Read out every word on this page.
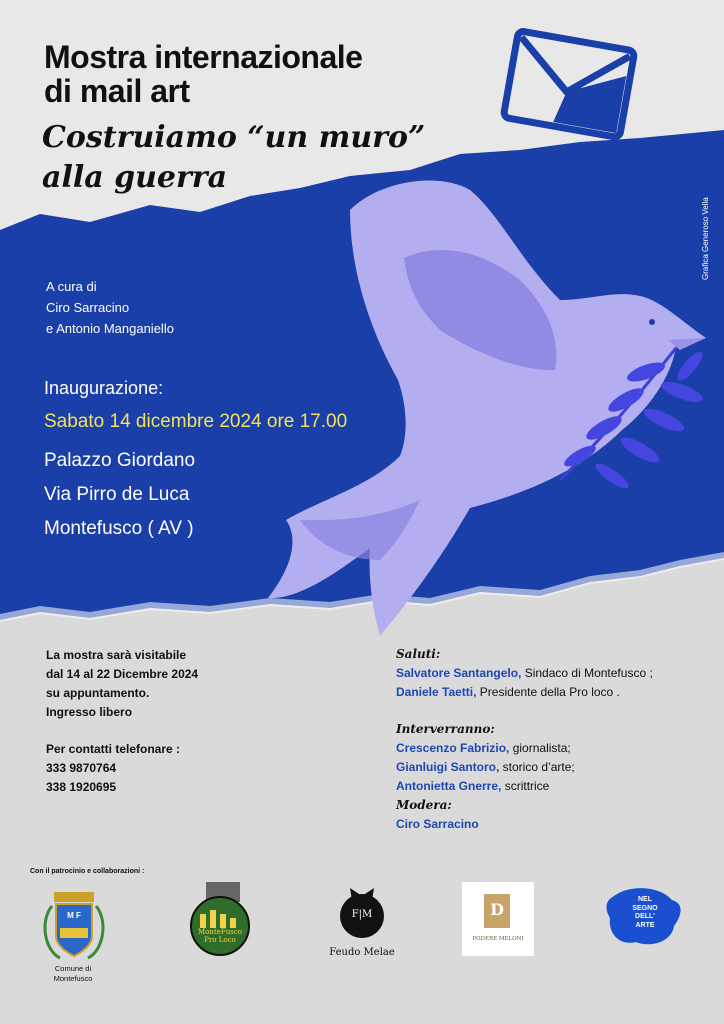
Mostra internazionale
di mail art
Costruiamo “un muro”
alla guerra
Grafica Generoso Vella
A cura di
Ciro Sarracino
e Antonio Manganiello
Inaugurazione:
Sabato 14 dicembre 2024 ore 17.00
Palazzo Giordano
Via Pirro de Luca
Montefusco ( AV )
La mostra sarà visitabile
dal 14 al 22 Dicembre 2024
su appuntamento.
Ingresso libero
Per contatti telefonare :
333 9870764
338 1920695
Saluti:
Salvatore Santangelo, Sindaco di Montefusco ;
Daniele Taetti, Presidente della Pro loco .
Interverranno:
Crescenzo Fabrizio, giornalista;
Gianluigi Santoro, storico d’arte;
Antonietta Gnerre, scrittrice
Modera:
Ciro Sarracino
Con il patrocinio e collaborazioni :
M F
Comune di
Montefusco
MonteFusco
Pro Loco
F|M
Feudo Melae
D
PODERE MELONI
NEL
SEGNO
DELL'
ARTE
